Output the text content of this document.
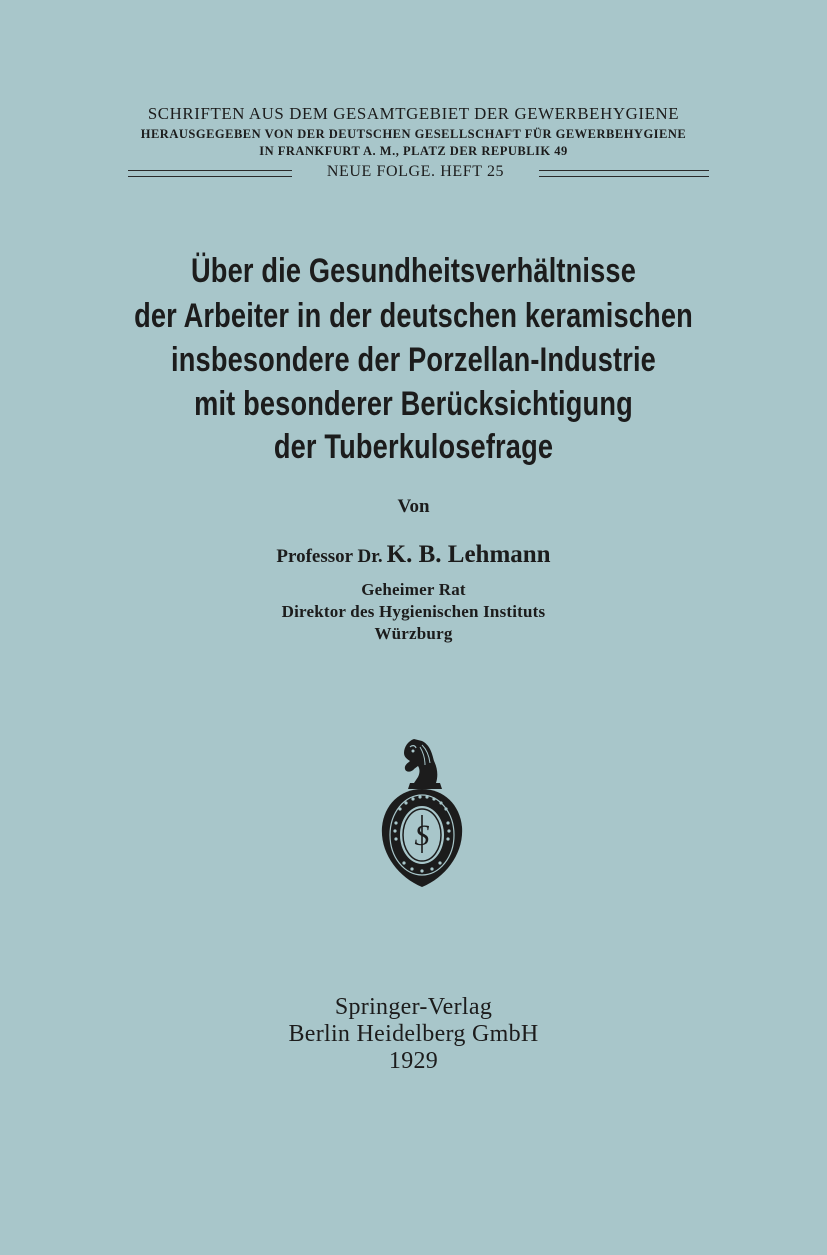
SCHRIFTEN AUS DEM GESAMTGEBIET DER GEWERBEHYGIENE
HERAUSGEGEBEN VON DER DEUTSCHEN GESELLSCHAFT FÜR GEWERBEHYGIENE
IN FRANKFURT A. M., PLATZ DER REPUBLIK 49
NEUE FOLGE. HEFT 25
Über die Gesundheitsverhältnisse
der Arbeiter in der deutschen keramischen
insbesondere der Porzellan-Industrie
mit besonderer Berücksichtigung
der Tuberkulosefrage
Von
Professor Dr. K. B. Lehmann
Geheimer Rat
Direktor des Hygienischen Instituts
Würzburg
S
Springer-Verlag
Berlin Heidelberg GmbH
1929
